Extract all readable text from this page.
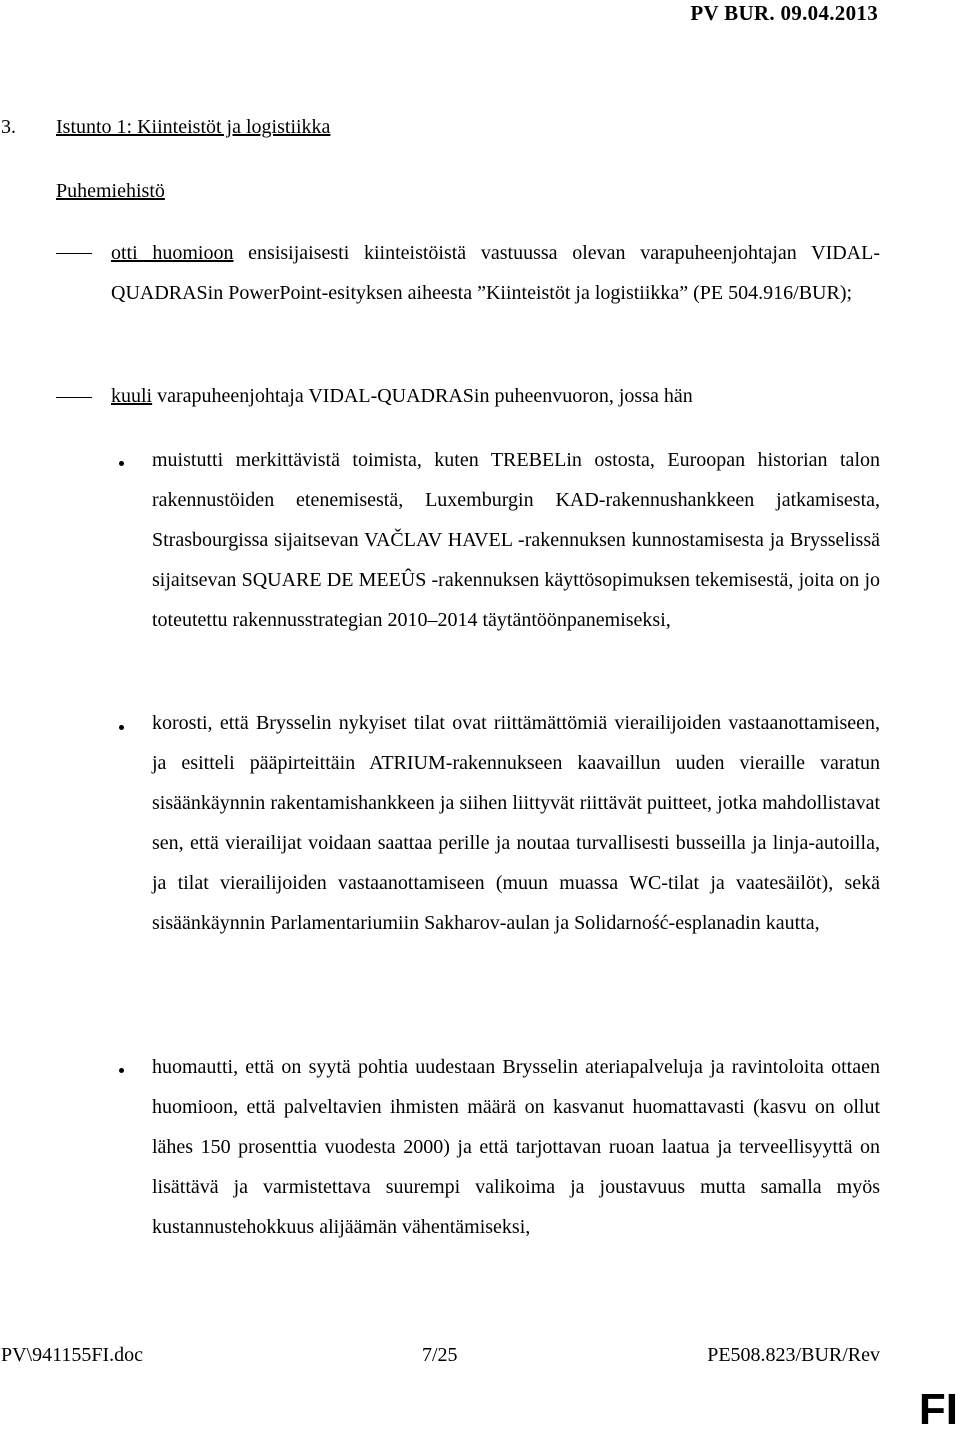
PV BUR. 09.04.2013
3. Istunto 1: Kiinteistöt ja logistiikka
Puhemiehistö
otti huomioon ensisijaisesti kiinteistöistä vastuussa olevan varapuheenjohtajan VIDAL-QUADRASin PowerPoint-esityksen aiheesta ”Kiinteistöt ja logistiikka” (PE 504.916/BUR);
kuuli varapuheenjohtaja VIDAL-QUADRASin puheenvuoron, jossa hän
muistutti merkittävistä toimista, kuten TREBELin ostosta, Euroopan historian talon rakennustöiden etenemisestä, Luxemburgin KAD-rakennushankkeen jatkamisesta, Strasbourgissa sijaitsevan VAČLAV HAVEL -rakennuksen kunnostamisesta ja Brysselissä sijaitsevan SQUARE DE MEEÛS -rakennuksen käyttösopimuksen tekemisestä, joita on jo toteutettu rakennusstrategian 2010–2014 täytäntöönpanemiseksi,
korosti, että Brysselin nykyiset tilat ovat riittämättömiä vierailijoiden vastaanottamiseen, ja esitteli pääpirteittäin ATRIUM-rakennukseen kaavaillun uuden vieraille varatun sisäänkäynnin rakentamishankkeen ja siihen liittyvät riittävät puitteet, jotka mahdollistavat sen, että vierailijat voidaan saattaa perille ja noutaa turvallisesti busseilla ja linja-autoilla, ja tilat vierailijoiden vastaanottamiseen (muun muassa WC-tilat ja vaatesäilöt), sekä sisäänkäynnin Parlamentariumiin Sakharov-aulan ja Solidarność-esplanadin kautta,
huomautti, että on syytä pohtia uudestaan Brysselin ateriapalveluja ja ravintoloita ottaen huomioon, että palveltavien ihmisten määrä on kasvanut huomattavasti (kasvu on ollut lähes 150 prosenttia vuodesta 2000) ja että tarjottavan ruoan laatua ja terveellisyyttä on lisättävä ja varmistettava suurempi valikoima ja joustavuus mutta samalla myös kustannustehokkuus alijäämän vähentämiseksi,
PV\941155FI.doc	7/25	PE508.823/BUR/Rev
FI
